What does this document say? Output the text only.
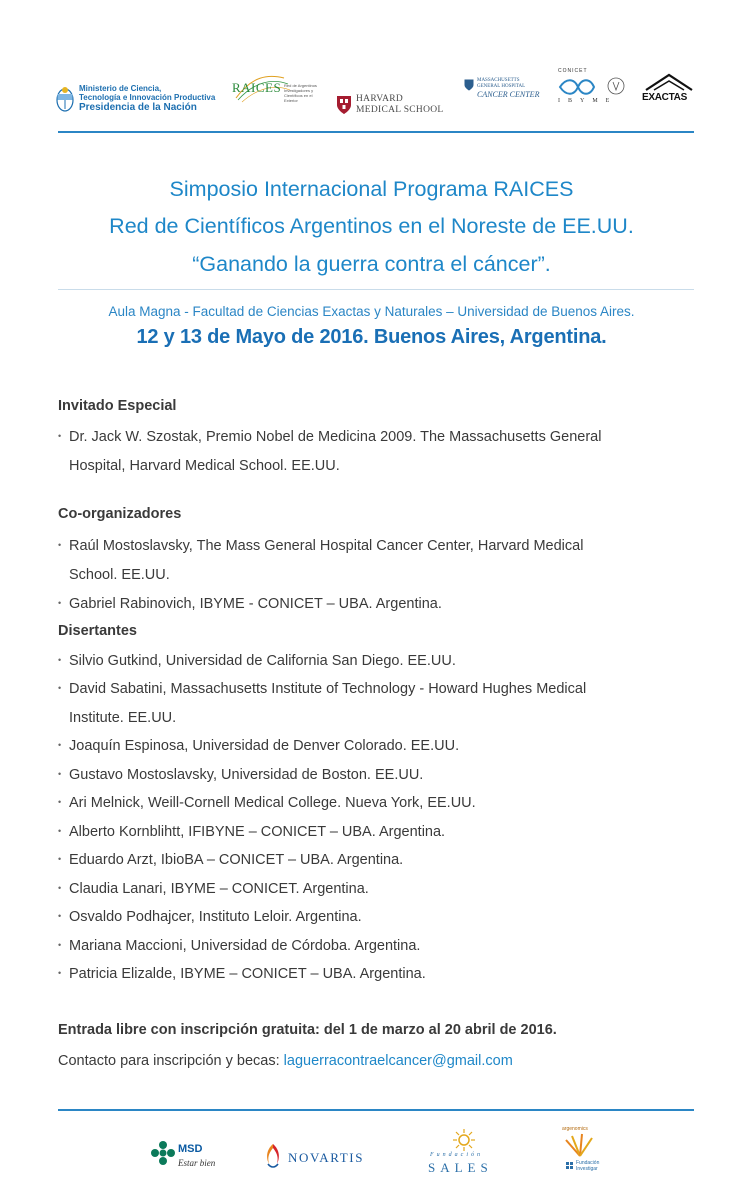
Ministerio de Ciencia,
Tecnología e Innovación Productiva
Presidencia de la Nación
RAICES Red de Argentinos Investigadores y Científicos en el Exterior	HARVARD
MEDICAL SCHOOL
MASSACHUSETTS
GENERAL HOSPITAL
CANCER CENTER
CONICET
IBYME EXACTAS
Simposio Internacional Programa RAICES
Red de Científicos Argentinos en el Noreste de EE.UU.
“Ganando la guerra contra el cáncer”.
Aula Magna - Facultad de Ciencias Exactas y Naturales – Universidad de Buenos Aires.
12 y 13 de Mayo de 2016. Buenos Aires, Argentina.
Invitado Especial
• Dr. Jack W. Szostak, Premio Nobel de Medicina 2009. The Massachusetts General
Hospital, Harvard Medical School. EE.UU.
Co-organizadores
• Raúl Mostoslavsky, The Mass General Hospital Cancer Center, Harvard Medical
School. EE.UU.
• Gabriel Rabinovich, IBYME - CONICET – UBA. Argentina.
Disertantes
• Silvio Gutkind, Universidad de California San Diego. EE.UU.
• David Sabatini, Massachusetts Institute of Technology - Howard Hughes Medical
Institute. EE.UU.
• Joaquín Espinosa, Universidad de Denver Colorado. EE.UU.
• Gustavo Mostoslavsky, Universidad de Boston. EE.UU.
• Ari Melnick, Weill-Cornell Medical College. Nueva York, EE.UU.
• Alberto Kornblihtt, IFIBYNE – CONICET – UBA. Argentina.
• Eduardo Arzt, IbioBA – CONICET – UBA. Argentina.
• Claudia Lanari, IBYME – CONICET. Argentina.
• Osvaldo Podhajcer, Instituto Leloir. Argentina.
• Mariana Maccioni, Universidad de Córdoba. Argentina.
• Patricia Elizalde, IBYME – CONICET – UBA. Argentina.
Entrada libre con inscripción gratuita: del 1 de marzo al 20 abril de 2016.
Contacto para inscripción y becas: laguerracontraelcancer@gmail.com
MSD
Estar bien	NOVARTIS	Fundación
SALES
argenomics
Fundación
Investigar
